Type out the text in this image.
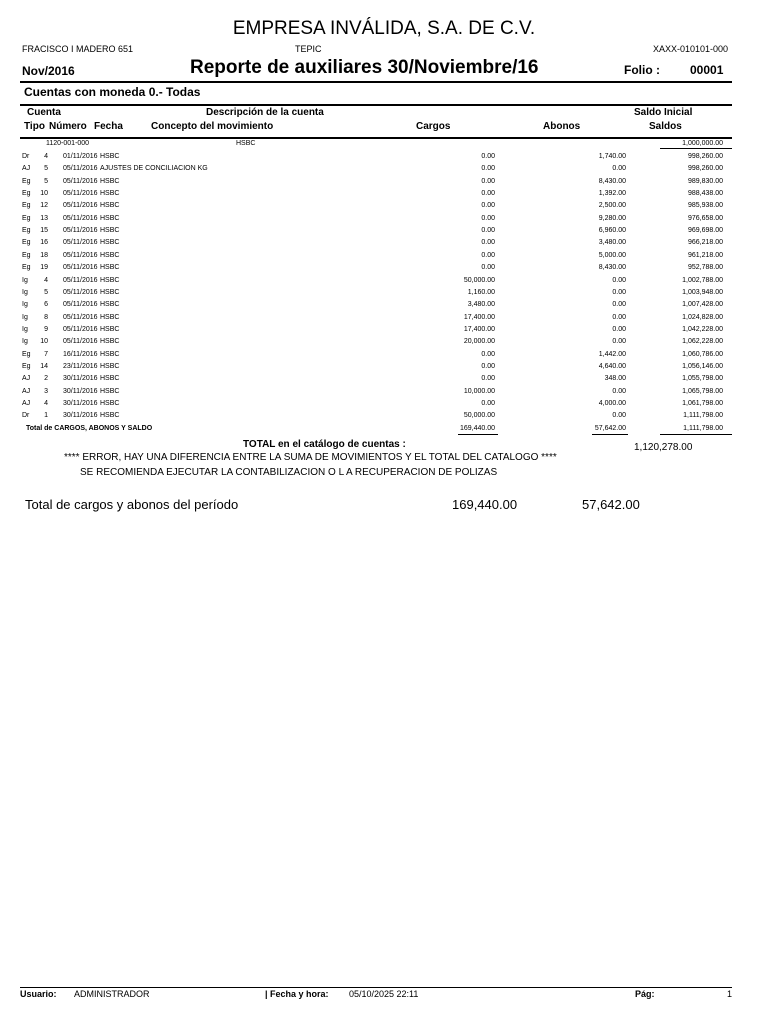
EMPRESA INVÁLIDA, S.A. DE C.V.
FRACISCO I MADERO 651	TEPIC	XAXX-010101-000
Nov/2016	Reporte de auxiliares 30/Noviembre/16	Folio :	00001
Cuentas con moneda 0.- Todas
Cuenta	Descripción de la cuenta	Saldo Inicial
Tipo Número Fecha	Concepto del movimiento	Cargos	Abonos	Saldos
1120-001-000	HSBC	1,000,000.00
Dr	4 01/11/2016 HSBC	0.00	1,740.00	998,260.00
AJ	5 05/11/2016 AJUSTES DE CONCILIACION KG	0.00	0.00	998,260.00
Eg	5 05/11/2016 HSBC	0.00	8,430.00	989,830.00
Eg	10 05/11/2016 HSBC	0.00	1,392.00	988,438.00
Eg	12 05/11/2016 HSBC	0.00	2,500.00	985,938.00
Eg	13 05/11/2016 HSBC	0.00	9,280.00	976,658.00
Eg	15 05/11/2016 HSBC	0.00	6,960.00	969,698.00
Eg	16 05/11/2016 HSBC	0.00	3,480.00	966,218.00
Eg	18 05/11/2016 HSBC	0.00	5,000.00	961,218.00
Eg	19 05/11/2016 HSBC	0.00	8,430.00	952,788.00
Ig	4 05/11/2016 HSBC	50,000.00	0.00	1,002,788.00
Ig	5 05/11/2016 HSBC	1,160.00	0.00	1,003,948.00
Ig	6 05/11/2016 HSBC	3,480.00	0.00	1,007,428.00
Ig	8 05/11/2016 HSBC	17,400.00	0.00	1,024,828.00
Ig	9 05/11/2016 HSBC	17,400.00	0.00	1,042,228.00
Ig	10 05/11/2016 HSBC	20,000.00	0.00	1,062,228.00
Eg	7 16/11/2016 HSBC	0.00	1,442.00	1,060,786.00
Eg	14 23/11/2016 HSBC	0.00	4,640.00	1,056,146.00
AJ	2 30/11/2016 HSBC	0.00	348.00	1,055,798.00
AJ	3 30/11/2016 HSBC	10,000.00	0.00	1,065,798.00
AJ	4 30/11/2016 HSBC	0.00	4,000.00	1,061,798.00
Dr	1 30/11/2016 HSBC	50,000.00	0.00	1,111,798.00
Total de CARGOS, ABONOS Y SALDO	169,440.00	57,642.00	1,111,798.00
TOTAL en el catálogo de cuentas :	1,120,278.00
**** ERROR, HAY UNA DIFERENCIA ENTRE LA SUMA DE MOVIMIENTOS Y EL TOTAL DEL CATALOGO ****
SE RECOMIENDA EJECUTAR LA CONTABILIZACION O L A RECUPERACION DE POLIZAS
Total de cargos y abonos del período	169,440.00	57,642.00
Usuario: ADMINISTRADOR	| Fecha y hora: 05/10/2025 22:11	Pág:	1
